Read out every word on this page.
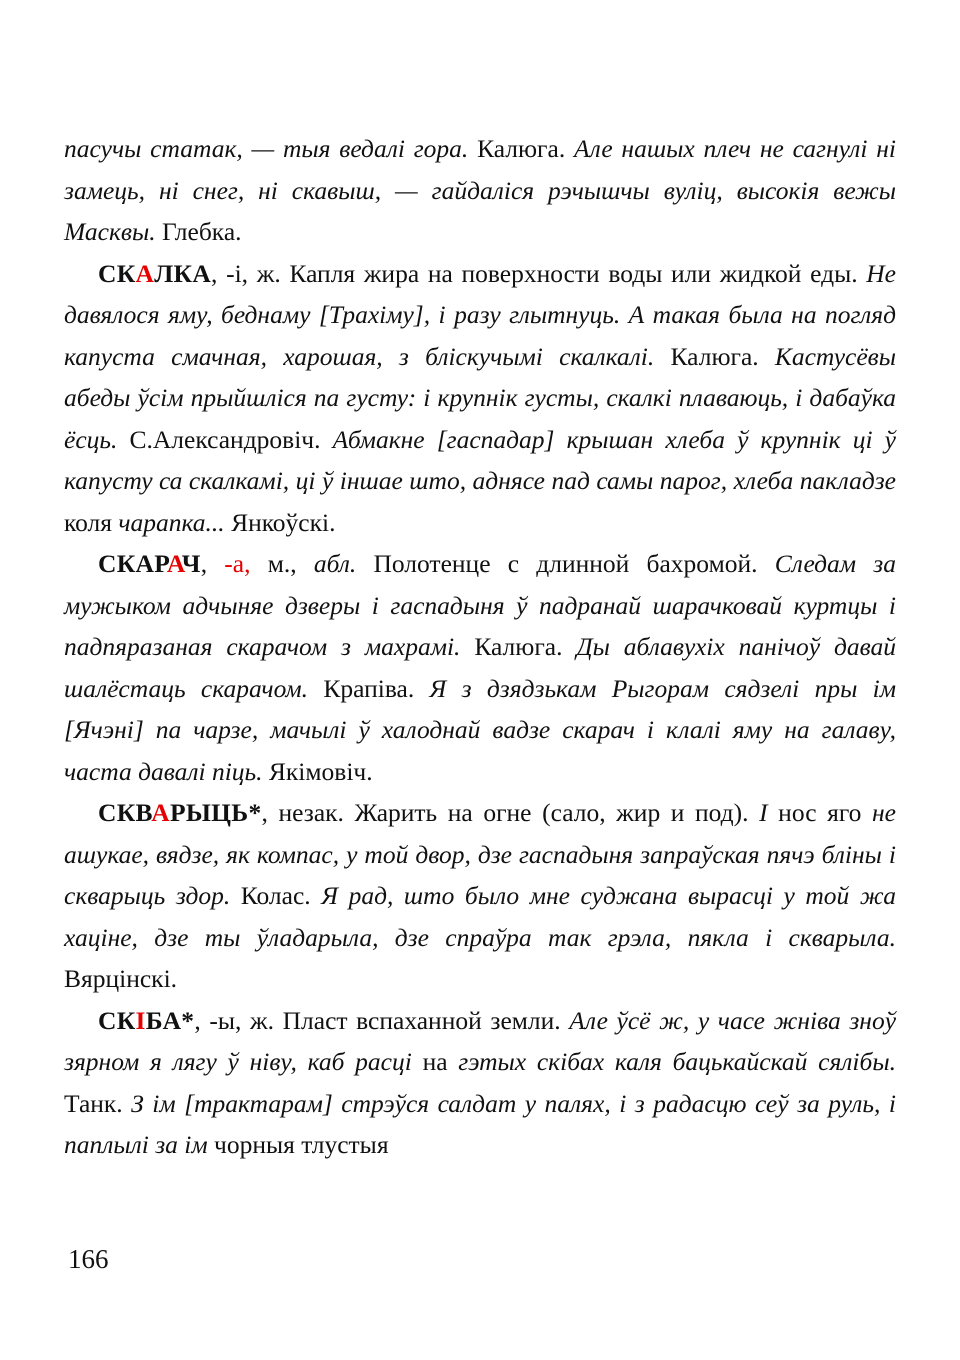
пасучы статак, — тыя ведалі гора. Калюга. Але нашых плеч не сагнулі ні замець, ні снег, ні скавыш, — гайдаліся рэчышчы вуліц, высокія вежы Масквы. Глебка.

СКАЛКА, -і, ж. Капля жира на поверхности воды или жидкой еды. Не давялося яму, беднаму [Трахіму], і разу глытнуць. А такая была на погляд капуста смачная, харошая, з бліскучымі скалкалі. Калюга. Кастусёвы абеды ўсім прыйшліся па густу: і крупнік густы, скалкі плаваюць, і дабаўка ёсць. С.Александровіч. Абмакне [гаспадар] крышан хлеба ў крупнік ці ў капусту са скалкамі, ці ў іншае што, аднясе пад самы парог, хлеба пакладзе коля чарапка... Янкоўскі.

СКАРАЧ, -а, м., абл. Полотенце с длинной бахромой. Следам за мужыком адчыняе дзверы і гаспадыня ў падранай шарачковай куртцы і падпяразаная скарачом з махрамі. Калюга. Ды аблавухіх панічоў давай шалёстаць скарачом. Крапіва. Я з дзядзькам Рыгорам сядзелі пры ім [Ячэні] па чарзе, мачылі ў халоднай вадзе скарач і клалі яму на галаву, часта давалі піць. Якімовіч.

СКВАРЫЦЬ*, незак. Жарить на огне (сало, жир и под). І нос яго не ашукае, вядзе, як компас, у той двор, дзе гаспадыня запраўская пячэ бліны і скварыць здор. Колас. Я рад, што было мне суджана вырасці у той жа хаціне, дзе ты ўладарыла, дзе спраўра так грэла, пякла і скварыла. Вярцінскі.

СКІБА*, -ы, ж. Пласт вспаханной земли. Але ўсё ж, у часе жніва зноў зярном я лягу ў ніву, каб расці на гэтых скібах каля бацькайскай сялібы. Танк. З ім [трактарам] стрэўся салдат у палях, і з радасцю сеў за руль, і паплылі за ім чорныя тлустыя

166
